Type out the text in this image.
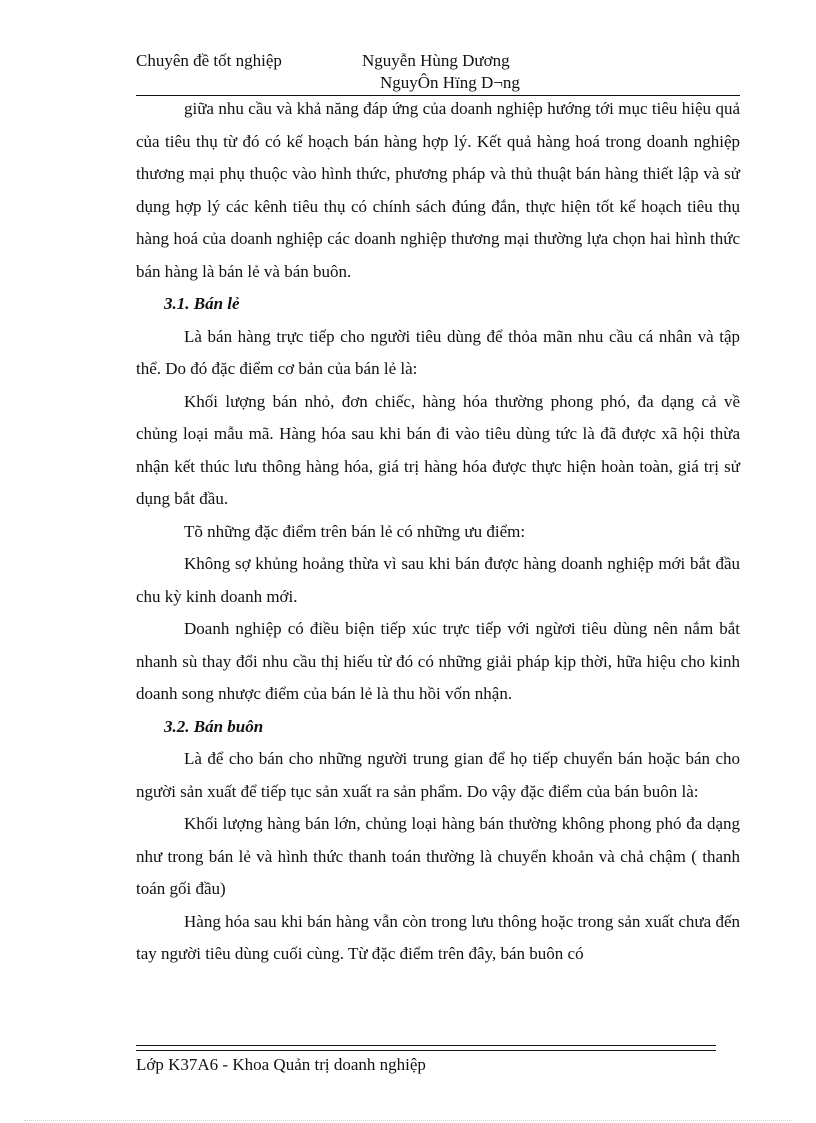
Chuyên đề tốt nghiệp	Nguyễn Hùng Dương
NguyÔn Hïng D¬ng

giữa nhu cầu và khả năng đáp ứng của doanh nghiệp hướng tới mục tiêu hiệu quả của tiêu thụ từ đó có kế hoạch bán hàng hợp lý. Kết quả hàng hoá trong doanh nghiệp thương mại phụ thuộc vào hình thức, phương pháp và thủ thuật bán hàng thiết lập và sử dụng hợp lý các kênh tiêu thụ có chính sách đúng đắn, thực hiện tốt kế hoạch tiêu thụ hàng hoá của doanh nghiệp các doanh nghiệp thương mại thường lựa chọn hai hình thức bán hàng là bán lẻ và bán buôn.

3.1. Bán lẻ

Là bán hàng trực tiếp cho người tiêu dùng để thỏa mãn nhu cầu cá nhân và tập thể. Do đó đặc điểm cơ bản của bán lẻ là:

Khối lượng bán nhỏ, đơn chiếc, hàng hóa thường phong phó, đa dạng cả về chủng loại mẫu mã. Hàng hóa sau khi bán đi vào tiêu dùng tức là đã được xã hội thừa nhận kết thúc lưu thông hàng hóa, giá trị hàng hóa được thực hiện hoàn toàn, giá trị sử dụng bắt đầu.

Tõ những đặc điểm trên bán lẻ có những ưu điểm:

Không sợ khủng hoảng thừa vì sau khi bán được hàng doanh nghiệp mới bắt đầu chu kỳ kinh doanh mới.

Doanh nghiệp có điều biện tiếp xúc trực tiếp với ngừơi tiêu dùng nên nắm bắt nhanh sù thay đổi nhu cầu thị hiếu từ đó có những giải pháp kịp thời, hữa hiệu cho kinh doanh song nhược điểm của bán lẻ là thu hồi vốn nhận.

3.2. Bán buôn

Là để cho bán cho những người trung gian để họ tiếp chuyển bán hoặc bán cho người sản xuất để tiếp tục sản xuất ra sản phẩm. Do vậy đặc điểm của bán buôn là:

Khối lượng hàng bán lớn, chủng loại hàng bán thường không phong phó đa dạng như trong bán lẻ và hình thức thanh toán thường là chuyển khoản và chả chậm ( thanh toán gối đầu)

Hàng hóa sau khi bán hàng vẫn còn trong lưu thông hoặc trong sản xuất chưa đến tay người tiêu dùng cuối cùng. Từ đặc điểm trên đây, bán buôn có

Lớp K37A6 - Khoa Quản trị doanh nghiệp
